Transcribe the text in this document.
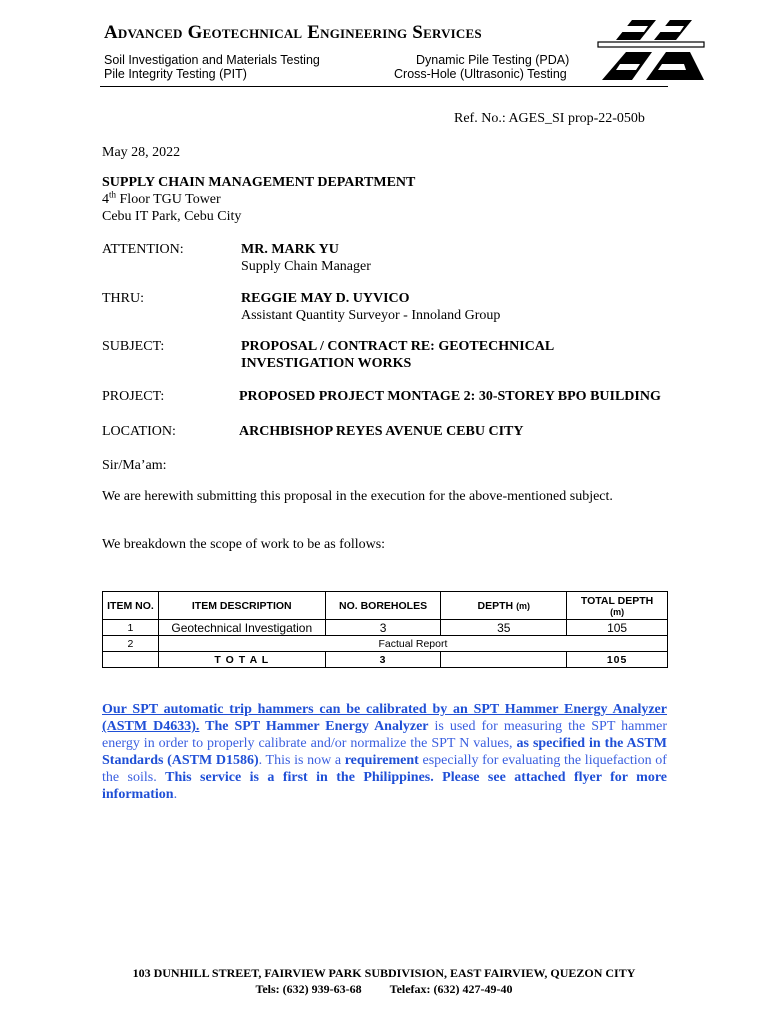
Advanced Geotechnical Engineering Services
Soil Investigation and Materials Testing
Pile Integrity Testing (PIT)
Dynamic Pile Testing (PDA)
Cross-Hole (Ultrasonic) Testing
Ref. No.: AGES_SI prop-22-050b
May 28, 2022
SUPPLY CHAIN MANAGEMENT DEPARTMENT
4th Floor TGU Tower
Cebu IT Park, Cebu City
ATTENTION:	MR. MARK YU
Supply Chain Manager
THRU:	REGGIE MAY D. UYVICO
Assistant Quantity Surveyor - Innoland Group
SUBJECT:	PROPOSAL / CONTRACT RE: GEOTECHNICAL
INVESTIGATION WORKS
PROJECT:	PROPOSED PROJECT MONTAGE 2: 30-STOREY BPO BUILDING
LOCATION:	ARCHBISHOP REYES AVENUE CEBU CITY
Sir/Ma’am:
We are herewith submitting this proposal in the execution for the above-mentioned subject.
We breakdown the scope of work to be as follows:
ITEM NO.	ITEM DESCRIPTION	NO. BOREHOLES	DEPTH (m)	TOTAL DEPTH
(m)

1	Geotechnical Investigation	3	35	105
2	Factual Report			
	T O T A L	3		105
Our SPT automatic trip hammers can be calibrated by an SPT Hammer Energy Analyzer (ASTM D4633). The SPT Hammer Energy Analyzer is used for measuring the SPT hammer energy in order to properly calibrate and/or normalize the SPT N values, as specified in the ASTM Standards (ASTM D1586). This is now a requirement especially for evaluating the liquefaction of the soils. This service is a first in the Philippines. Please see attached flyer for more information.
103 DUNHILL STREET, FAIRVIEW PARK SUBDIVISION, EAST FAIRVIEW, QUEZON CITY
Tels: (632) 939-63-68 Telefax: (632) 427-49-40
